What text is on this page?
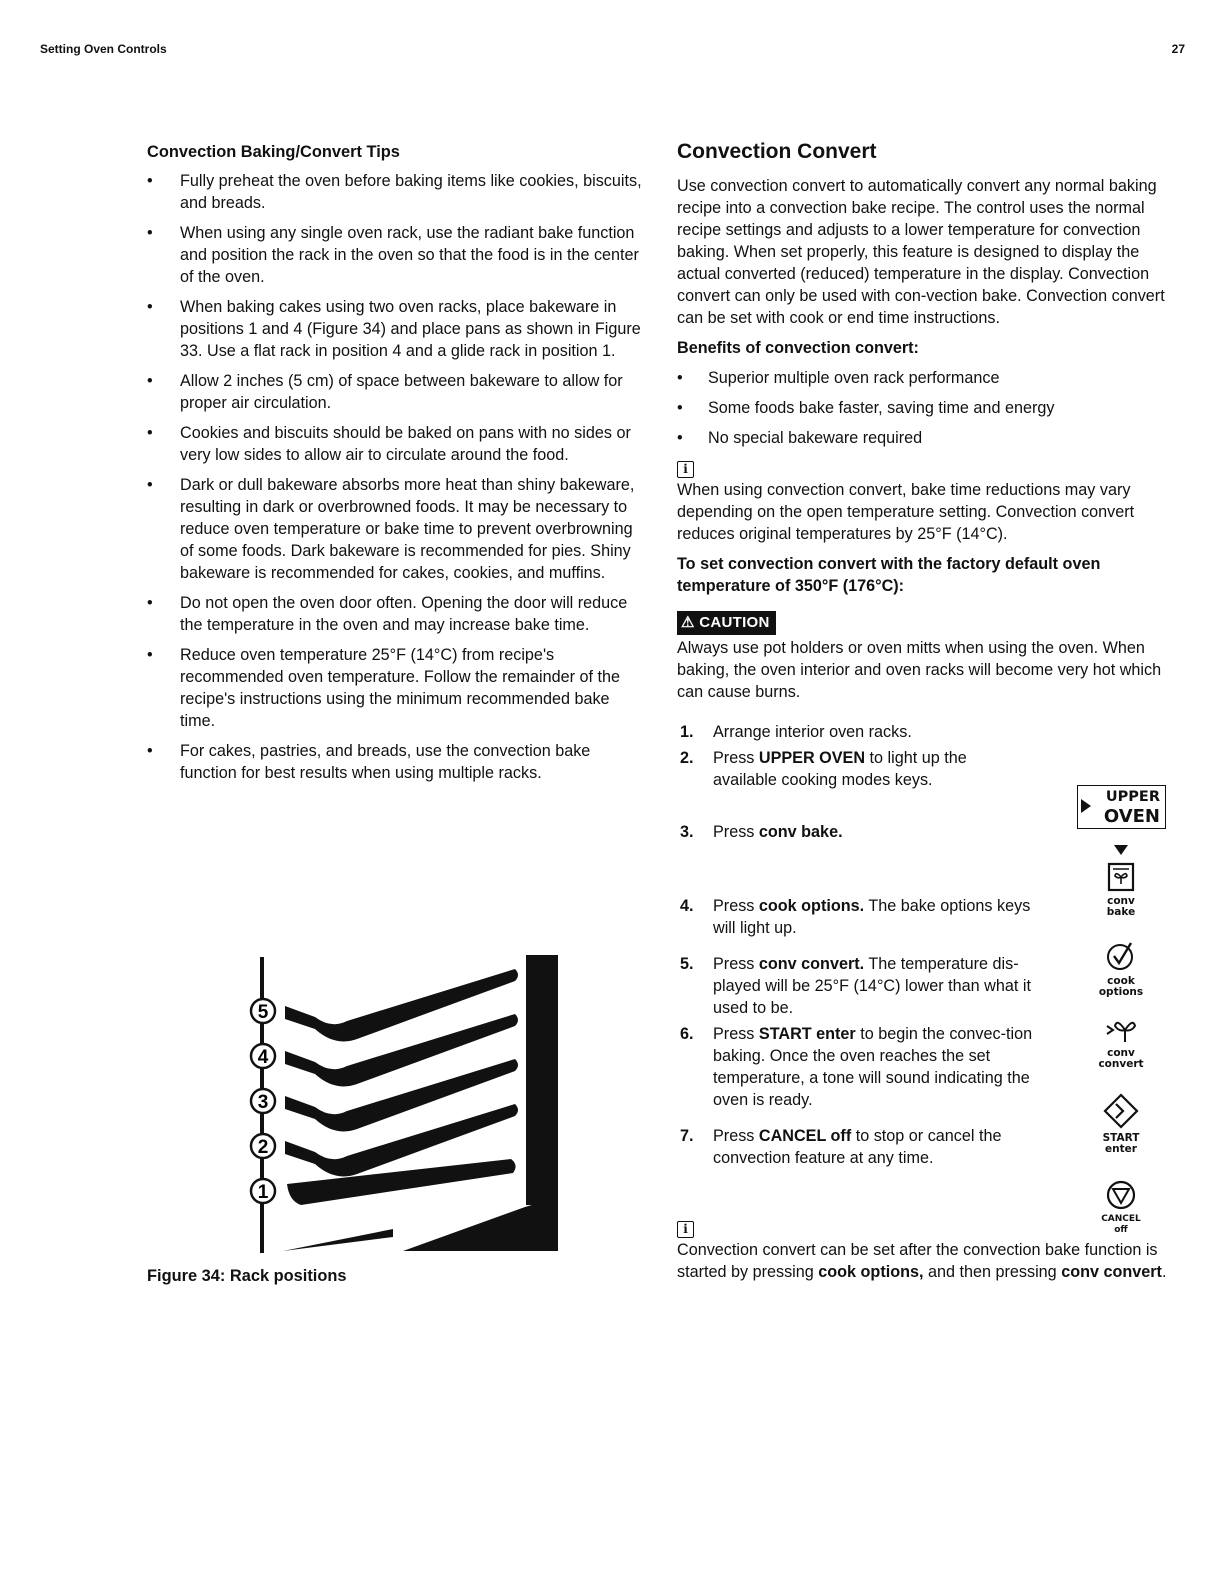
Setting Oven Controls	27
Convection Baking/Convert Tips
• Fully preheat the oven before baking items like cookies, biscuits, and breads.
• When using any single oven rack, use the radiant bake function and position the rack in the oven so that the food is in the center of the oven.
• When baking cakes using two oven racks, place bakeware in positions 1 and 4 (Figure 34) and place pans as shown in Figure 33. Use a flat rack in position 4 and a glide rack in position 1.
• Allow 2 inches (5 cm) of space between bakeware to allow for proper air circulation.
• Cookies and biscuits should be baked on pans with no sides or very low sides to allow air to circulate around the food.
• Dark or dull bakeware absorbs more heat than shiny bakeware, resulting in dark or overbrowned foods. It may be necessary to reduce oven temperature or bake time to prevent overbrowning of some foods. Dark bakeware is recommended for pies. Shiny bakeware is recommended for cakes, cookies, and muffins.
• Do not open the oven door often. Opening the door will reduce the temperature in the oven and may increase bake time.
• Reduce oven temperature 25°F (14°C) from recipe's recommended oven temperature. Follow the remainder of the recipe's instructions using the minimum recommended bake time.
• For cakes, pastries, and breads, use the convection bake function for best results when using multiple racks.
5
4
3
2
1
Figure 34: Rack positions
Convection Convert

Use convection convert to automatically convert any normal baking recipe into a convection bake recipe. The control uses the normal recipe settings and adjusts to a lower temperature for convection baking. When set properly, this feature is designed to display the actual converted (reduced) temperature in the display. Convection convert can only be used with con-vection bake. Convection convert can be set with cook or end time instructions.

Benefits of convection convert:
• Superior multiple oven rack performance
• Some foods bake faster, saving time and energy
• No special bakeware required
i

When using convection convert, bake time reductions may vary depending on the open temperature setting. Convection convert reduces original temperatures by 25°F (14°C).

To set convection convert with the factory default oven temperature of 350°F (176°C):
⚠ CAUTION

Always use pot holders or oven mitts when using the oven. When baking, the oven interior and oven racks will become very hot which can cause burns.

1. Arrange interior oven racks.
2. Press UPPER OVEN to light up the available cooking modes keys.
3. Press conv bake.
4. Press cook options. The bake options keys will light up.
5. Press conv convert. The temperature dis-played will be 25°F (14°C) lower than what it used to be.
6. Press START enter to begin the convec-tion baking. Once the oven reaches the set temperature, a tone will sound indicating the oven is ready.
7. Press CANCEL off to stop or cancel the convection feature at any time.
i

Convection convert can be set after the convection bake function is started by pressing cook options, and then pressing conv convert.

UPPER
OVEN
conv
bake
cook
options
conv
convert
START
enter
CANCEL
off
